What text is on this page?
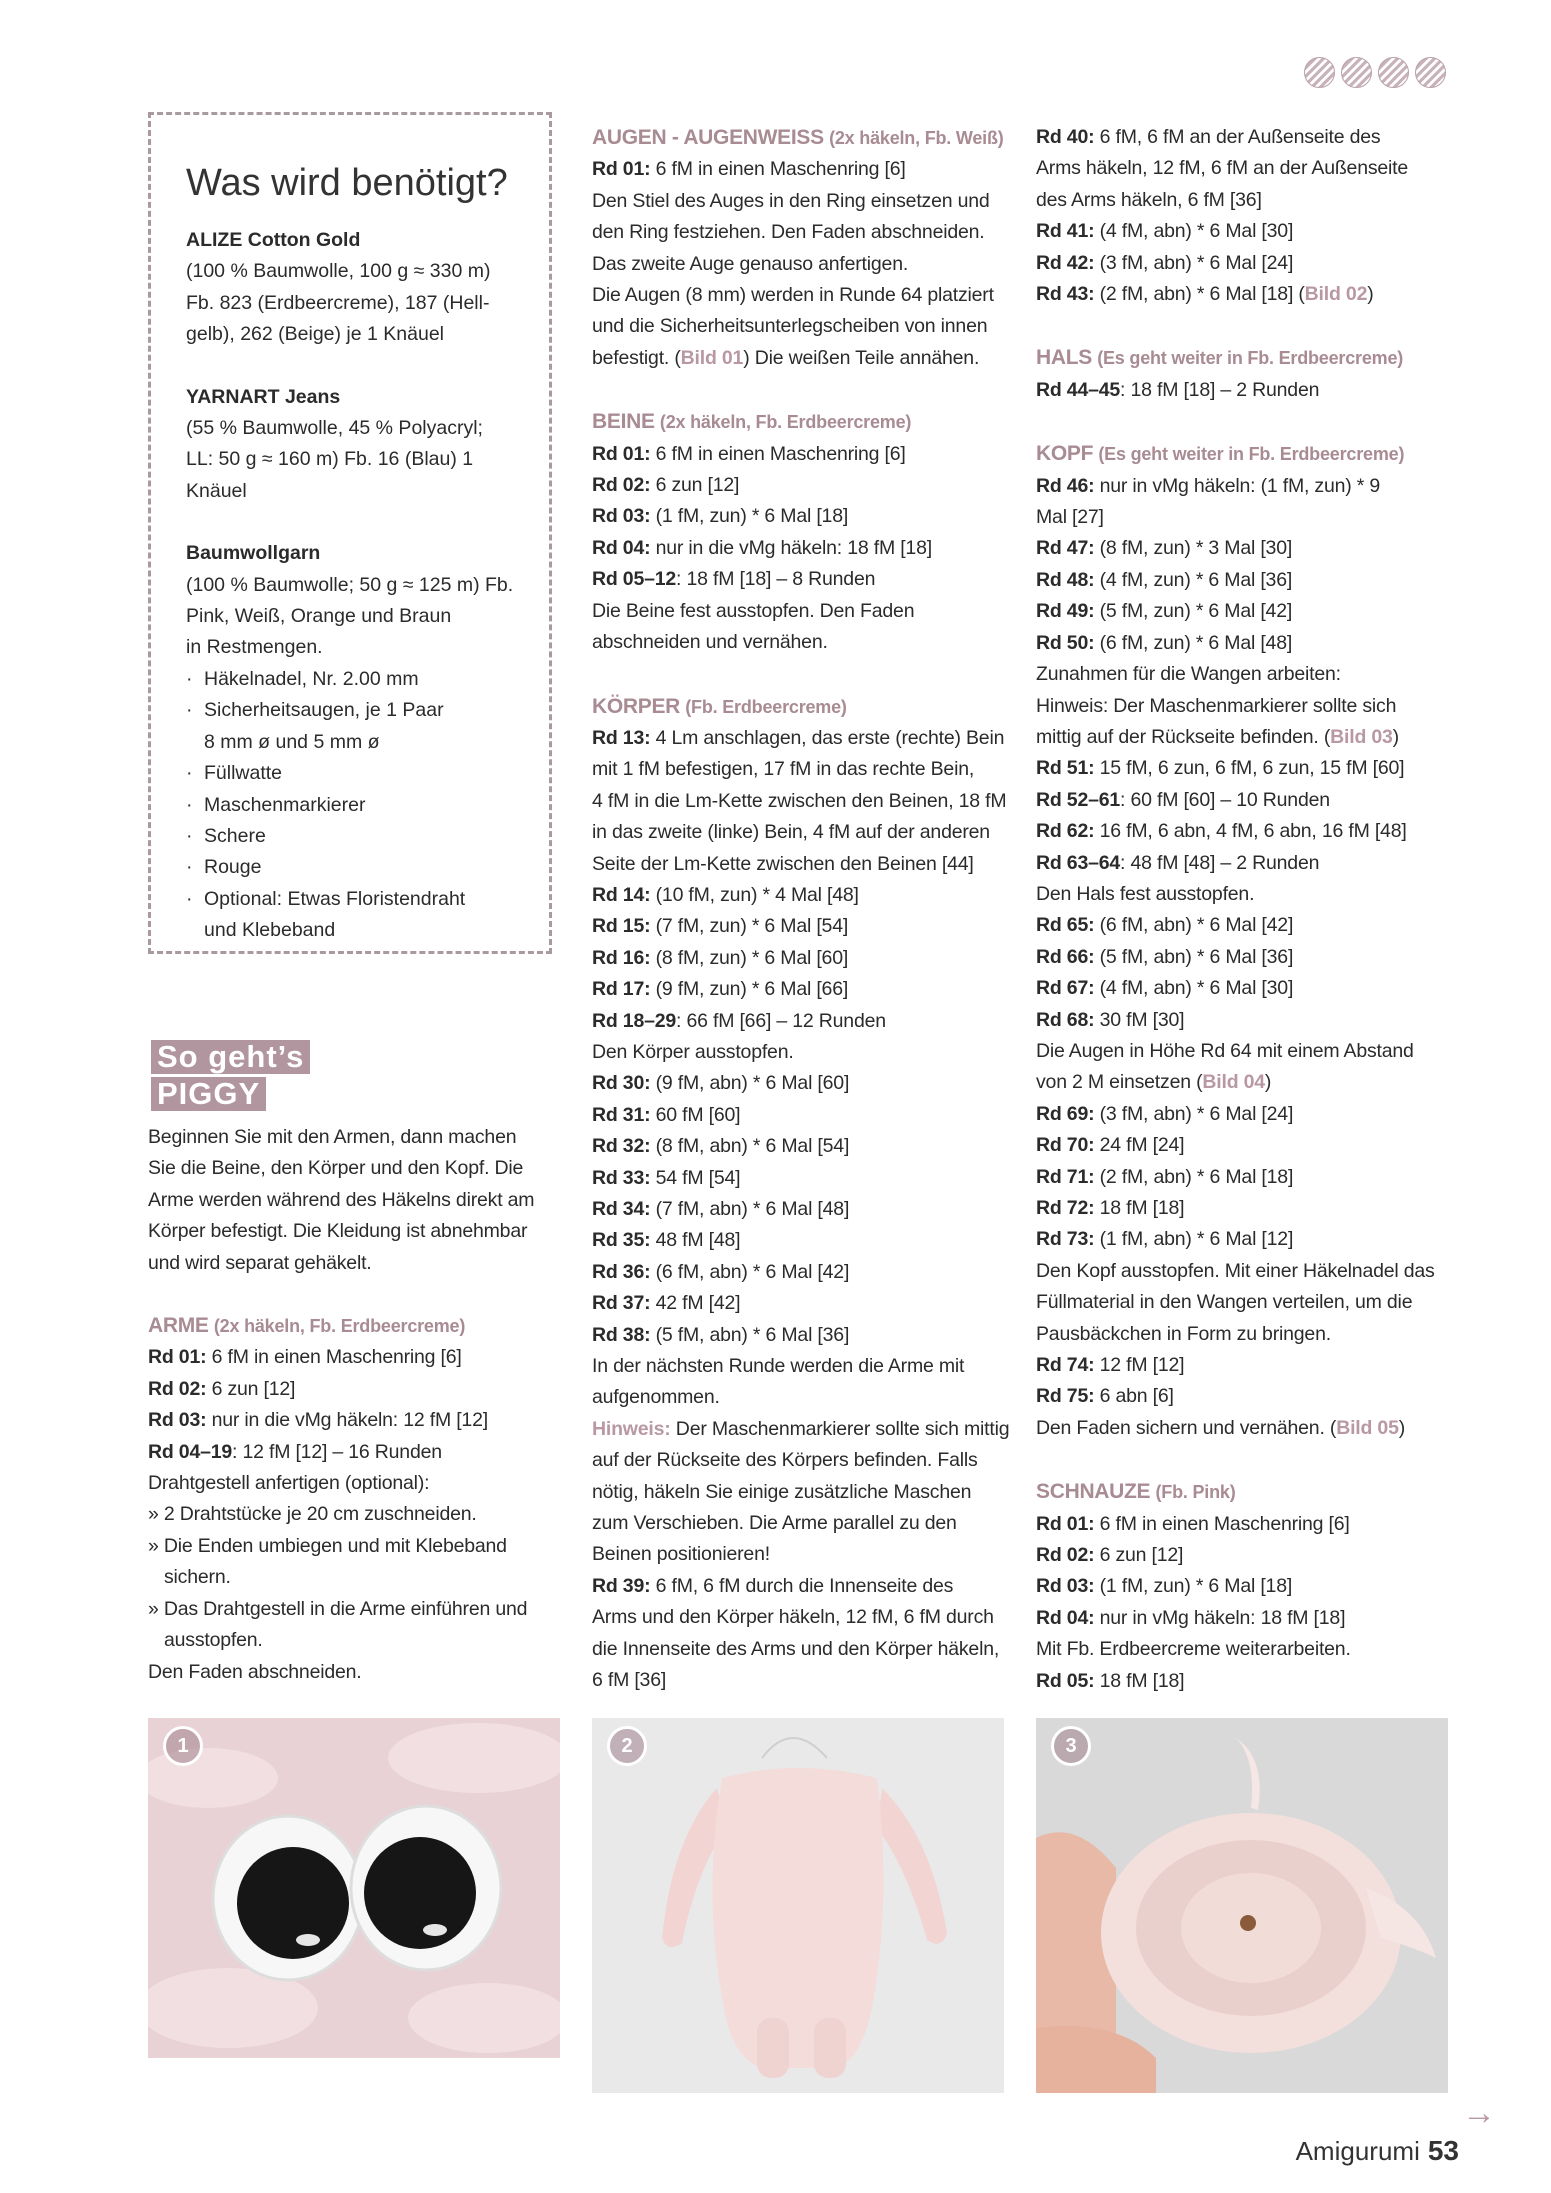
Was wird benötigt?

ALIZE Cotton Gold

(100 % Baumwolle, 100 g ≈ 330 m)

Fb. 823 (Erdbeercreme), 187 (Hell-

gelb), 262 (Beige) je 1 Knäuel

YARNART Jeans

(55 % Baumwolle, 45 % Polyacryl;

LL: 50 g ≈ 160 m) Fb. 16 (Blau) 1 Knäuel

Baumwollgarn

(100 % Baumwolle; 50 g ≈ 125 m) Fb.

Pink, Weiß, Orange und Braun

in Restmengen.

· Häkelnadel, Nr. 2.00 mm

· Sicherheitsaugen, je 1 Paar

8 mm ø und 5 mm ø

· Füllwatte

· Maschenmarkierer

· Schere

· Rouge

· Optional: Etwas Floristendraht

und Klebeband

So geht’s
PIGGY

Beginnen Sie mit den Armen, dann machen

Sie die Beine, den Körper und den Kopf. Die

Arme werden während des Häkelns direkt am

Körper befestigt. Die Kleidung ist abnehmbar

und wird separat gehäkelt.

ARME (2x häkeln, Fb. Erdbeercreme)

Rd 01: 6 fM in einen Maschenring [6]

Rd 02: 6 zun [12]

Rd 03: nur in die vMg häkeln: 12 fM [12]

Rd 04–19: 12 fM [12] – 16 Runden

Drahtgestell anfertigen (optional):

» 2 Drahtstücke je 20 cm zuschneiden.

» Die Enden umbiegen und mit Klebeband

sichern.

» Das Drahtgestell in die Arme einführen und

ausstopfen.

Den Faden abschneiden.

AUGEN - AUGENWEISS (2x häkeln, Fb. Weiß)

Rd 01: 6 fM in einen Maschenring [6]

Den Stiel des Auges in den Ring einsetzen und

den Ring festziehen. Den Faden abschneiden.

Das zweite Auge genauso anfertigen.

Die Augen (8 mm) werden in Runde 64 platziert

und die Sicherheitsunterlegscheiben von innen

befestigt. (Bild 01) Die weißen Teile annähen.

BEINE (2x häkeln, Fb. Erdbeercreme)

Rd 01: 6 fM in einen Maschenring [6]

Rd 02: 6 zun [12]

Rd 03: (1 fM, zun) * 6 Mal [18]

Rd 04: nur in die vMg häkeln: 18 fM [18]

Rd 05–12: 18 fM [18] – 8 Runden

Die Beine fest ausstopfen. Den Faden

abschneiden und vernähen.

KÖRPER (Fb. Erdbeercreme)

Rd 13: 4 Lm anschlagen, das erste (rechte) Bein

mit 1 fM befestigen, 17 fM in das rechte Bein,

4 fM in die Lm-Kette zwischen den Beinen, 18 fM

in das zweite (linke) Bein, 4 fM auf der anderen

Seite der Lm-Kette zwischen den Beinen [44]

Rd 14: (10 fM, zun) * 4 Mal [48]

Rd 15: (7 fM, zun) * 6 Mal [54]

Rd 16: (8 fM, zun) * 6 Mal [60]

Rd 17: (9 fM, zun) * 6 Mal [66]

Rd 18–29: 66 fM [66] – 12 Runden

Den Körper ausstopfen.

Rd 30: (9 fM, abn) * 6 Mal [60]

Rd 31: 60 fM [60]

Rd 32: (8 fM, abn) * 6 Mal [54]

Rd 33: 54 fM [54]

Rd 34: (7 fM, abn) * 6 Mal [48]

Rd 35: 48 fM [48]

Rd 36: (6 fM, abn) * 6 Mal [42]

Rd 37: 42 fM [42]

Rd 38: (5 fM, abn) * 6 Mal [36]

In der nächsten Runde werden die Arme mit

aufgenommen.

Hinweis: Der Maschenmarkierer sollte sich mittig

auf der Rückseite des Körpers befinden. Falls

nötig, häkeln Sie einige zusätzliche Maschen

zum Verschieben. Die Arme parallel zu den

Beinen positionieren!

Rd 39: 6 fM, 6 fM durch die Innenseite des

Arms und den Körper häkeln, 12 fM, 6 fM durch

die Innenseite des Arms und den Körper häkeln,

6 fM [36]

Rd 40: 6 fM, 6 fM an der Außenseite des

Arms häkeln, 12 fM, 6 fM an der Außenseite

des Arms häkeln, 6 fM [36]

Rd 41: (4 fM, abn) * 6 Mal [30]

Rd 42: (3 fM, abn) * 6 Mal [24]

Rd 43: (2 fM, abn) * 6 Mal [18] (Bild 02)

HALS (Es geht weiter in Fb. Erdbeercreme)

Rd 44–45: 18 fM [18] – 2 Runden

KOPF (Es geht weiter in Fb. Erdbeercreme)

Rd 46: nur in vMg häkeln: (1 fM, zun) * 9

Mal [27]

Rd 47: (8 fM, zun) * 3 Mal [30]

Rd 48: (4 fM, zun) * 6 Mal [36]

Rd 49: (5 fM, zun) * 6 Mal [42]

Rd 50: (6 fM, zun) * 6 Mal [48]

Zunahmen für die Wangen arbeiten:

Hinweis: Der Maschenmarkierer sollte sich

mittig auf der Rückseite befinden. (Bild 03)

Rd 51: 15 fM, 6 zun, 6 fM, 6 zun, 15 fM [60]

Rd 52–61: 60 fM [60] – 10 Runden

Rd 62: 16 fM, 6 abn, 4 fM, 6 abn, 16 fM [48]

Rd 63–64: 48 fM [48] – 2 Runden

Den Hals fest ausstopfen.

Rd 65: (6 fM, abn) * 6 Mal [42]

Rd 66: (5 fM, abn) * 6 Mal [36]

Rd 67: (4 fM, abn) * 6 Mal [30]

Rd 68: 30 fM [30]

Die Augen in Höhe Rd 64 mit einem Abstand

von 2 M einsetzen (Bild 04)

Rd 69: (3 fM, abn) * 6 Mal [24]

Rd 70: 24 fM [24]

Rd 71: (2 fM, abn) * 6 Mal [18]

Rd 72: 18 fM [18]

Rd 73: (1 fM, abn) * 6 Mal [12]

Den Kopf ausstopfen. Mit einer Häkelnadel das

Füllmaterial in den Wangen verteilen, um die

Pausbäckchen in Form zu bringen.

Rd 74: 12 fM [12]

Rd 75: 6 abn [6]

Den Faden sichern und vernähen. (Bild 05)

SCHNAUZE (Fb. Pink)

Rd 01: 6 fM in einen Maschenring [6]

Rd 02: 6 zun [12]

Rd 03: (1 fM, zun) * 6 Mal [18]

Rd 04: nur in vMg häkeln: 18 fM [18]

Mit Fb. Erdbeercreme weiterarbeiten.

Rd 05: 18 fM [18]

1	2	3
→
Amigurumi 53
